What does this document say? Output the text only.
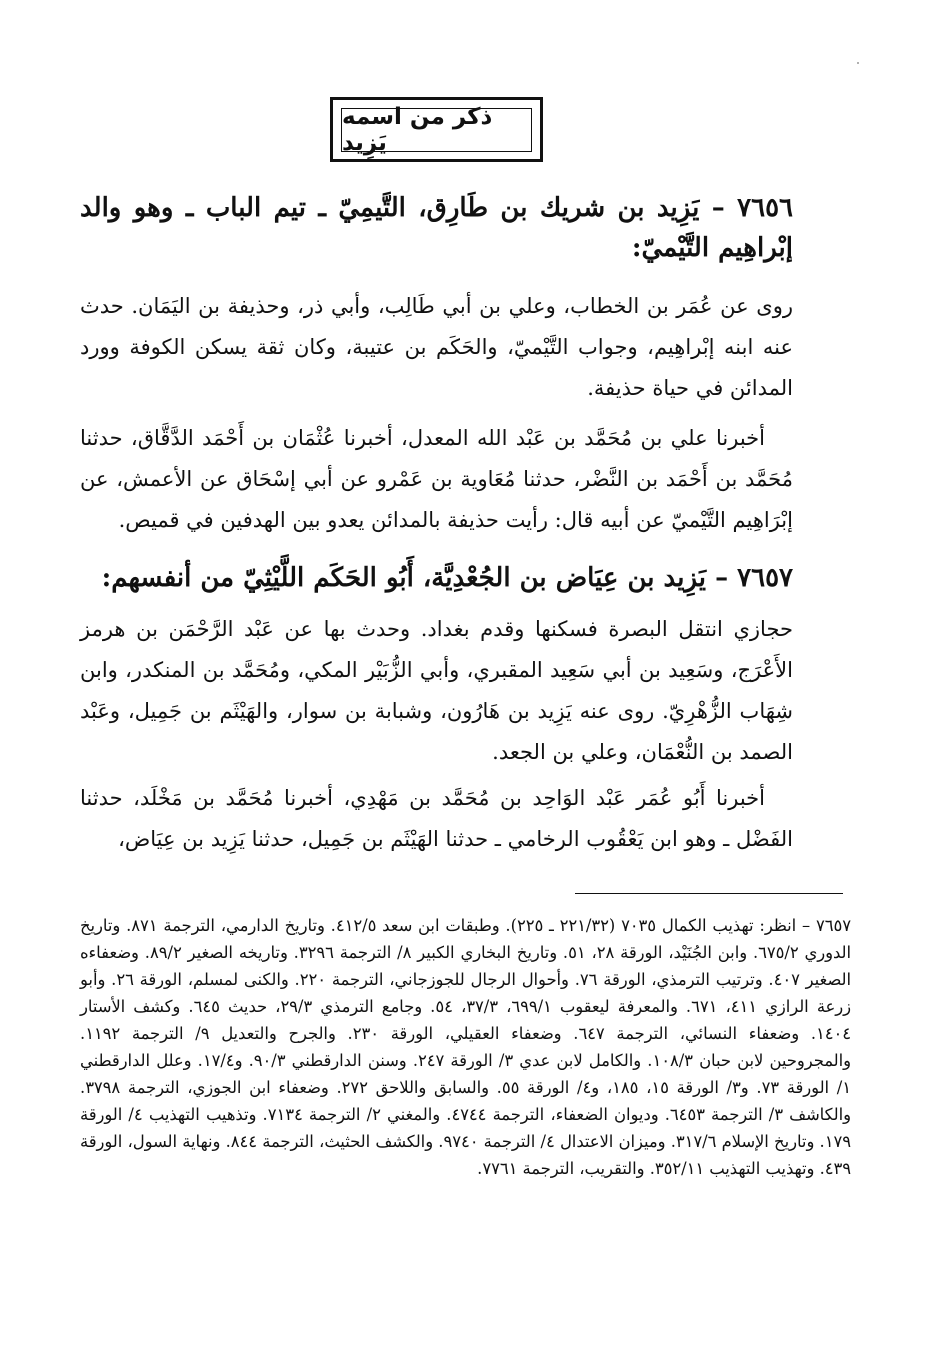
ذكر من اسمه يَزِيد
٧٦٥٦ – يَزِيد بن شريك بن طَارِق، التَّيمِيّ ـ تيم الباب ـ وهو والد إبْراهِيم التَّيْميّ:
روى عن عُمَر بن الخطاب، وعلي بن أبي طَالِب، وأبي ذر، وحذيفة بن اليَمَان. حدث عنه ابنه إبْراهِيم، وجواب التَّيْميّ، والحَكَم بن عتيبة، وكان ثقة يسكن الكوفة وورد المدائن في حياة حذيفة.
أخبرنا علي بن مُحَمَّد بن عَبْد الله المعدل، أخبرنا عُثْمَان بن أَحْمَد الدَّقَّاق، حدثنا مُحَمَّد بن أَحْمَد بن النَّضْر، حدثنا مُعَاوية بن عَمْرو عن أبي إسْحَاق عن الأعمش، عن إبْرَاهِيم التَّيْميّ عن أبيه قال: رأيت حذيفة بالمدائن يعدو بين الهدفين في قميص.
٧٦٥٧ – يَزِيد بن عِيَاض بن الجُعْدِيَّة، أَبُو الحَكَم اللَّيْثِيّ من أنفسهم:
حجازي انتقل البصرة فسكنها وقدم بغداد. وحدث بها عن عَبْد الرَّحْمَن بن هرمز الأَعْرَج، وسَعِيد بن أبي سَعِيد المقبري، وأبي الزُّبَيْر المكي، ومُحَمَّد بن المنكدر، وابن شِهَاب الزُّهْرِيّ. روى عنه يَزِيد بن هَارُون، وشبابة بن سوار، والهَيْثَم بن جَمِيل، وعَبْد الصمد بن النُّعْمَان، وعلي بن الجعد.
أخبرنا أَبُو عُمَر عَبْد الوَاحِد بن مُحَمَّد بن مَهْدِي، أخبرنا مُحَمَّد بن مَخْلَد، حدثنا الفَضْل ـ وهو ابن يَعْقُوب الرخامي ـ حدثنا الهَيْثَم بن جَمِيل، حدثنا يَزِيد بن عِيَاض،
٧٦٥٧ – انظر: تهذيب الكمال ٧٠٣٥ (٢٢١/٣٢ ـ ٢٢٥). وطبقات ابن سعد ٤١٢/٥. وتاريخ الدارمي، الترجمة ٨٧١. وتاريخ الدوري ٦٧٥/٢. وابن الجُنَيْد، الورقة ٢٨، ٥١. وتاريخ البخاري الكبير ٨/ الترجمة ٣٢٩٦. وتاريخه الصغير ٨٩/٢. وضعفاءه الصغير ٤٠٧. وترتيب الترمذي، الورقة ٧٦. وأحوال الرجال للجوزجاني، الترجمة ٢٢٠. والكنى لمسلم، الورقة ٢٦. وأبو زرعة الرازي ٤١١، ٦٧١. والمعرفة ليعقوب ٦٩٩/١، ٣٧/٣، ٥٤. وجامع الترمذي ٢٩/٣، حديث ٦٤٥. وكشف الأستار ١٤٠٤. وضعفاء النسائي، الترجمة ٦٤٧. وضعفاء العقيلي، الورقة ٢٣٠. والجرح والتعديل ٩/ الترجمة ١١٩٢. والمجروحين لابن حبان ١٠٨/٣. والكامل لابن عدي ٣/ الورقة ٢٤٧. وسنن الدارقطني ٩٠/٣. و١٧/٤. وعلل الدارقطني ١/ الورقة ٧٣. و٣/ الورقة ١٥، ١٨٥، و٤/ الورقة ٥٥. والسابق واللاحق ٢٧٢. وضعفاء ابن الجوزي، الترجمة ٣٧٩٨. والكاشف ٣/ الترجمة ٦٤٥٣. وديوان الضعفاء، الترجمة ٤٧٤٤. والمغني ٢/ الترجمة ٧١٣٤. وتذهيب التهذيب ٤/ الورقة ١٧٩. وتاريخ الإسلام ٣١٧/٦. وميزان الاعتدال ٤/ الترجمة ٩٧٤٠. والكشف الحثيث، الترجمة ٨٤٤. ونهاية السول، الورقة ٤٣٩. وتهذيب التهذيب ٣٥٢/١١. والتقريب، الترجمة ٧٧٦١.
